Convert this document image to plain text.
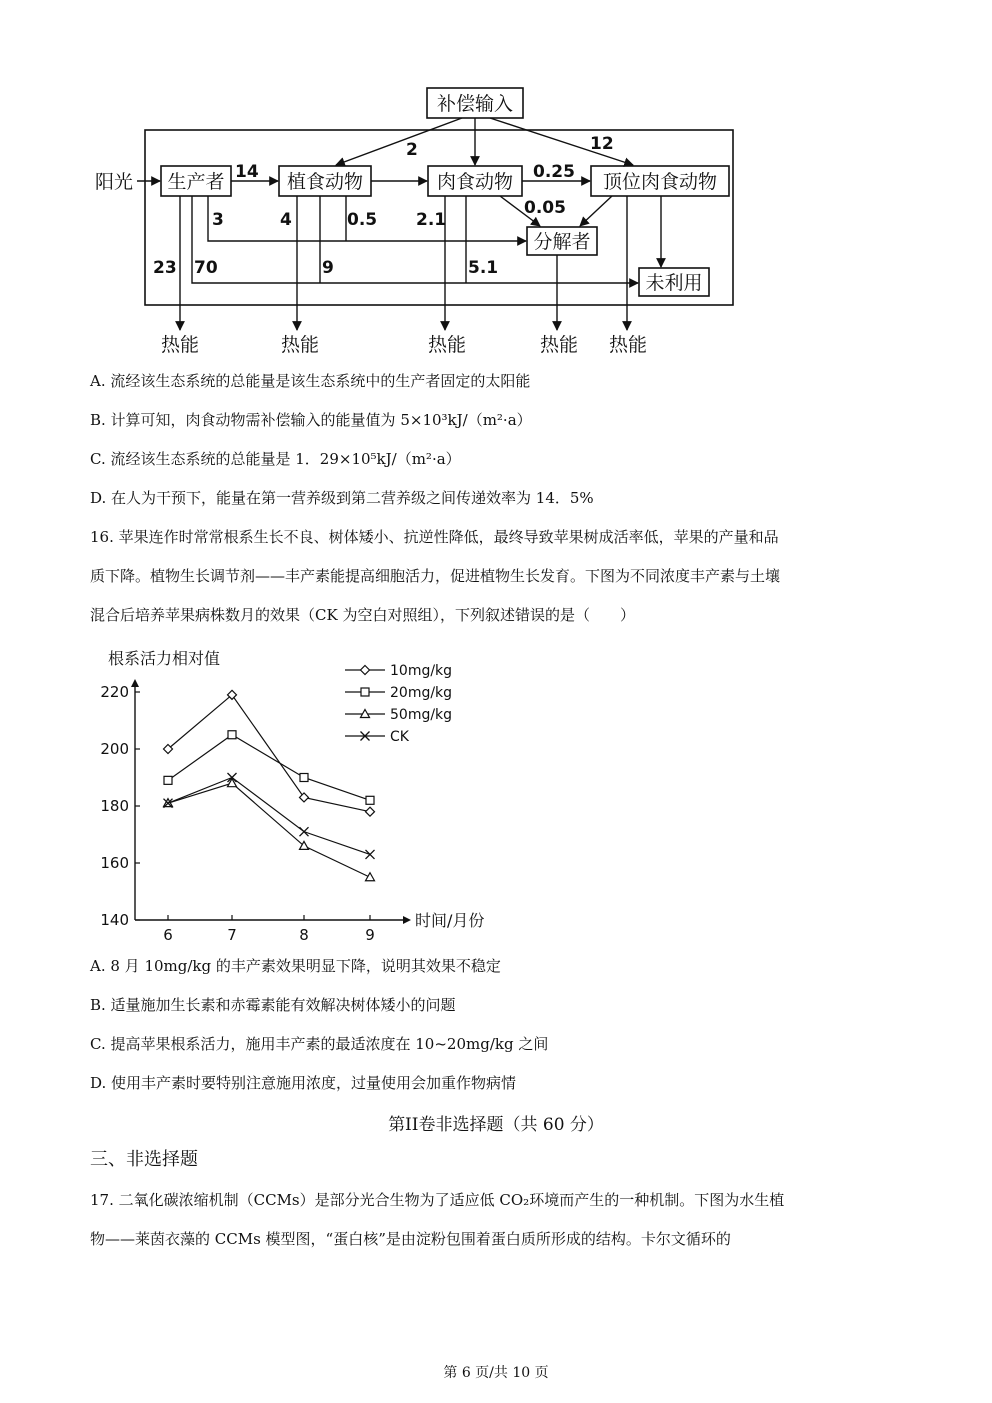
补偿输入
阳光 生产者	植食动物	肉食动物	顶位肉食动物
分解者
未利用
热能	热能	热能	热能 热能
2	12
14	0.25
0.05
3	4	0.5 2.1
23 70	9	5.1
A. 流经该生态系统的总能量是该生态系统中的生产者固定的太阳能
B. 计算可知，肉食动物需补偿输入的能量值为 5×10³kJ/（m²·a）
C. 流经该生态系统的总能量是 1．29×10⁵kJ/（m²·a）
D. 在人为干预下，能量在第一营养级到第二营养级之间传递效率为 14．5%
16. 苹果连作时常常根系生长不良、树体矮小、抗逆性降低，最终导致苹果树成活率低，苹果的产量和品
质下降。植物生长调节剂——丰产素能提高细胞活力，促进植物生长发育。下图为不同浓度丰产素与土壤
混合后培养苹果病株数月的效果（CK 为空白对照组），下列叙述错误的是（　　）
140
160
180
200
220
6	7	8	9
根系活力相对值
时间/月份
10mg/kg
20mg/kg
50mg/kg
CK
A. 8 月 10mg/kg 的丰产素效果明显下降，说明其效果不稳定
B. 适量施加生长素和赤霉素能有效解决树体矮小的问题
C. 提高苹果根系活力，施用丰产素的最适浓度在 10~20mg/kg 之间
D. 使用丰产素时要特别注意施用浓度，过量使用会加重作物病情
第II卷非选择题（共 60 分）
三、非选择题
17. 二氧化碳浓缩机制（CCMs）是部分光合生物为了适应低 CO₂环境而产生的一种机制。下图为水生植
物——莱茵衣藻的 CCMs 模型图，“蛋白核”是由淀粉包围着蛋白质所形成的结构。卡尔文循环的
第 6 页/共 10 页
